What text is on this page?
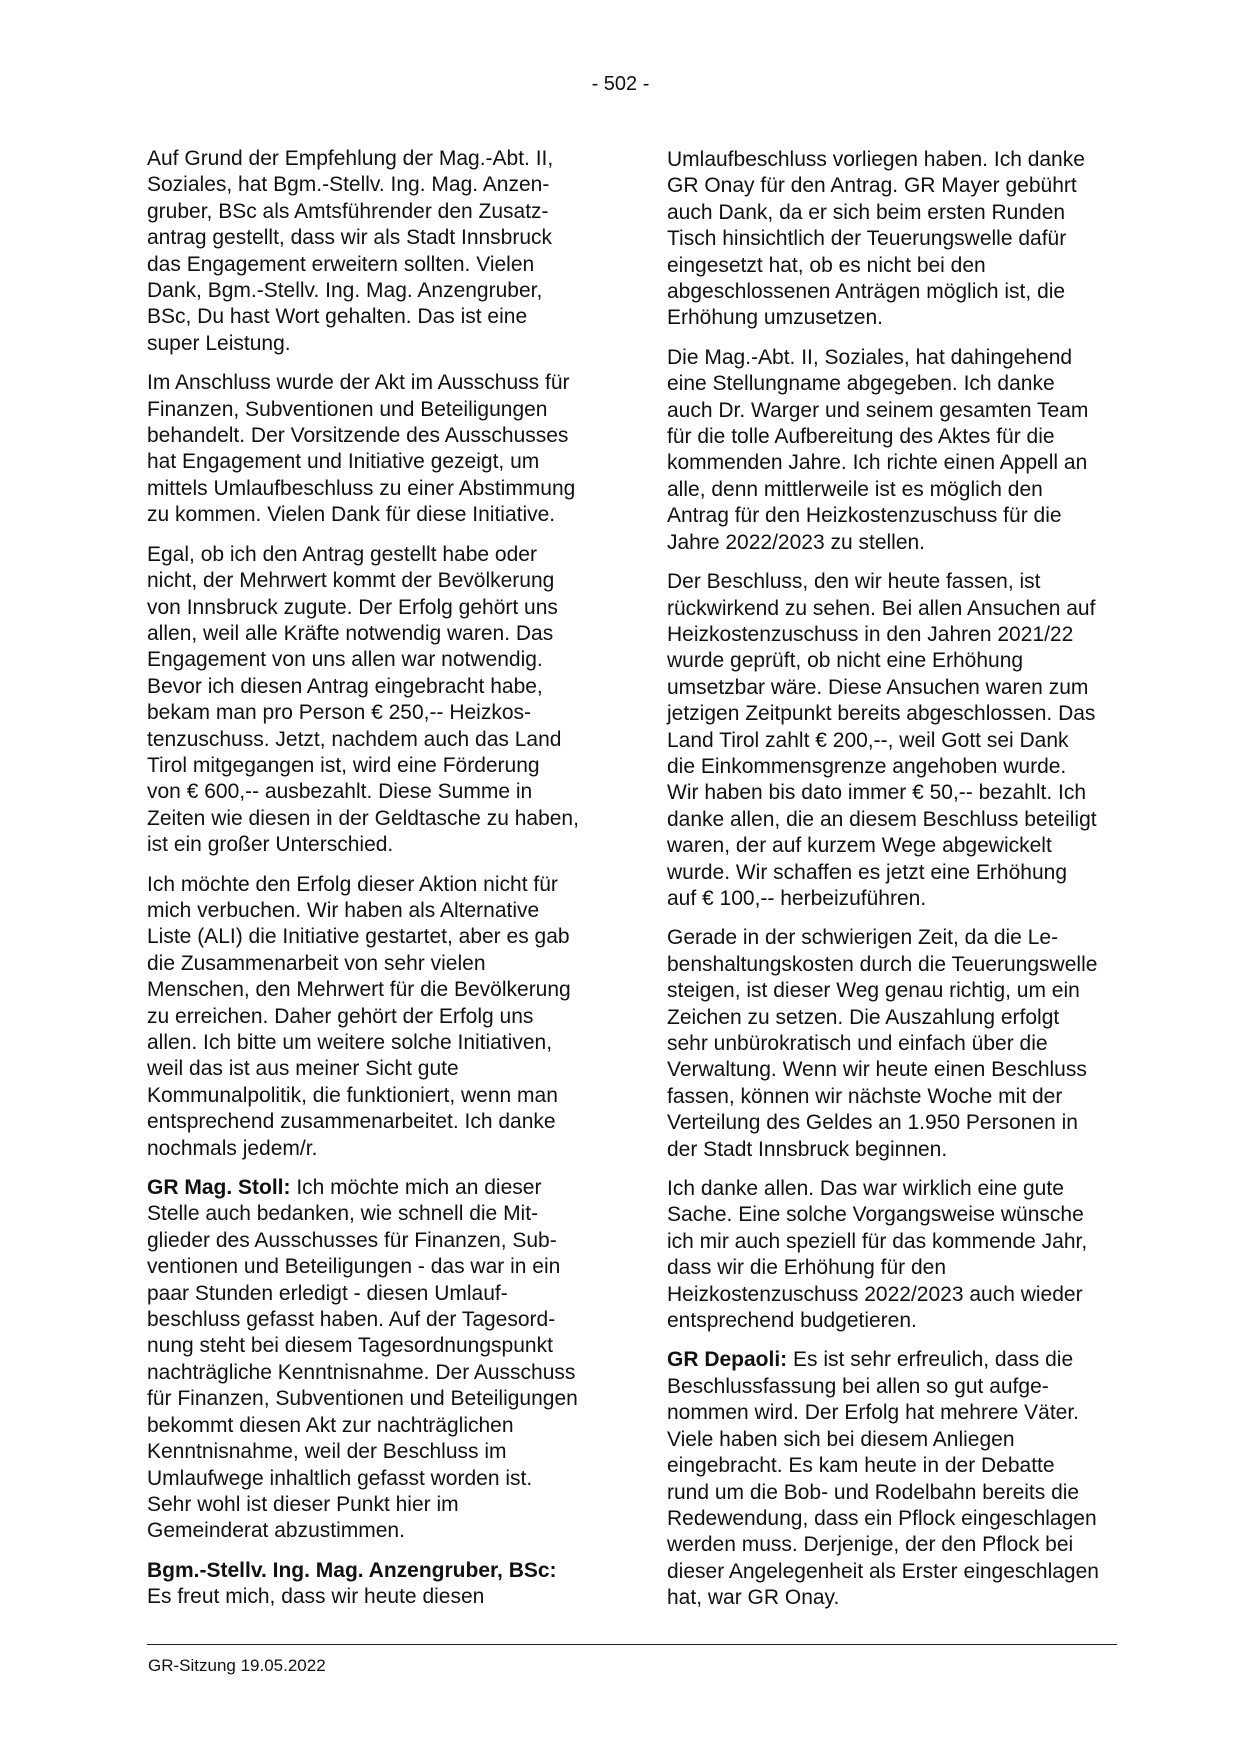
- 502 -

Auf Grund der Empfehlung der Mag.-Abt. II, Soziales, hat Bgm.-Stellv. Ing. Mag. Anzengruber, BSc als Amtsführender den Zusatzantrag gestellt, dass wir als Stadt Innsbruck das Engagement erweitern sollten. Vielen Dank, Bgm.-Stellv. Ing. Mag. Anzengruber, BSc, Du hast Wort gehalten. Das ist eine super Leistung.

Im Anschluss wurde der Akt im Ausschuss für Finanzen, Subventionen und Beteiligungen behandelt. Der Vorsitzende des Ausschusses hat Engagement und Initiative gezeigt, um mittels Umlaufbeschluss zu einer Abstimmung zu kommen. Vielen Dank für diese Initiative.

Egal, ob ich den Antrag gestellt habe oder nicht, der Mehrwert kommt der Bevölkerung von Innsbruck zugute. Der Erfolg gehört uns allen, weil alle Kräfte notwendig waren. Das Engagement von uns allen war notwendig. Bevor ich diesen Antrag eingebracht habe, bekam man pro Person € 250,-- Heizkostenzuschuss. Jetzt, nachdem auch das Land Tirol mitgegangen ist, wird eine Förderung von € 600,-- ausbezahlt. Diese Summe in Zeiten wie diesen in der Geldtasche zu haben, ist ein großer Unterschied.

Ich möchte den Erfolg dieser Aktion nicht für mich verbuchen. Wir haben als Alternative Liste (ALI) die Initiative gestartet, aber es gab die Zusammenarbeit von sehr vielen Menschen, den Mehrwert für die Bevölkerung zu erreichen. Daher gehört der Erfolg uns allen. Ich bitte um weitere solche Initiativen, weil das ist aus meiner Sicht gute Kommunalpolitik, die funktioniert, wenn man entsprechend zusammenarbeitet. Ich danke nochmals jedem/r.

GR Mag. Stoll: Ich möchte mich an dieser Stelle auch bedanken, wie schnell die Mitglieder des Ausschusses für Finanzen, Subventionen und Beteiligungen - das war in ein paar Stunden erledigt - diesen Umlaufbeschluss gefasst haben. Auf der Tagesordnung steht bei diesem Tagesordnungspunkt nachträgliche Kenntnisnahme. Der Ausschuss für Finanzen, Subventionen und Beteiligungen bekommt diesen Akt zur nachträglichen Kenntnisnahme, weil der Beschluss im Umlaufwege inhaltlich gefasst worden ist. Sehr wohl ist dieser Punkt hier im Gemeinderat abzustimmen.

Bgm.-Stellv. Ing. Mag. Anzengruber, BSc: Es freut mich, dass wir heute diesen

Umlaufbeschluss vorliegen haben. Ich danke GR Onay für den Antrag. GR Mayer gebührt auch Dank, da er sich beim ersten Runden Tisch hinsichtlich der Teuerungswelle dafür eingesetzt hat, ob es nicht bei den abgeschlossenen Anträgen möglich ist, die Erhöhung umzusetzen.

Die Mag.-Abt. II, Soziales, hat dahingehend eine Stellungname abgegeben. Ich danke auch Dr. Warger und seinem gesamten Team für die tolle Aufbereitung des Aktes für die kommenden Jahre. Ich richte einen Appell an alle, denn mittlerweile ist es möglich den Antrag für den Heizkostenzuschuss für die Jahre 2022/2023 zu stellen.

Der Beschluss, den wir heute fassen, ist rückwirkend zu sehen. Bei allen Ansuchen auf Heizkostenzuschuss in den Jahren 2021/22 wurde geprüft, ob nicht eine Erhöhung umsetzbar wäre. Diese Ansuchen waren zum jetzigen Zeitpunkt bereits abgeschlossen. Das Land Tirol zahlt € 200,--, weil Gott sei Dank die Einkommensgrenze angehoben wurde. Wir haben bis dato immer € 50,-- bezahlt. Ich danke allen, die an diesem Beschluss beteiligt waren, der auf kurzem Wege abgewickelt wurde. Wir schaffen es jetzt eine Erhöhung auf € 100,-- herbeizuführen.

Gerade in der schwierigen Zeit, da die Lebenshaltungskosten durch die Teuerungswelle steigen, ist dieser Weg genau richtig, um ein Zeichen zu setzen. Die Auszahlung erfolgt sehr unbürokratisch und einfach über die Verwaltung. Wenn wir heute einen Beschluss fassen, können wir nächste Woche mit der Verteilung des Geldes an 1.950 Personen in der Stadt Innsbruck beginnen.

Ich danke allen. Das war wirklich eine gute Sache. Eine solche Vorgangsweise wünsche ich mir auch speziell für das kommende Jahr, dass wir die Erhöhung für den Heizkostenzuschuss 2022/2023 auch wieder entsprechend budgetieren.

GR Depaoli: Es ist sehr erfreulich, dass die Beschlussfassung bei allen so gut aufgenommen wird. Der Erfolg hat mehrere Väter. Viele haben sich bei diesem Anliegen eingebracht. Es kam heute in der Debatte rund um die Bob- und Rodelbahn bereits die Redewendung, dass ein Pflock eingeschlagen werden muss. Derjenige, der den Pflock bei dieser Angelegenheit als Erster eingeschlagen hat, war GR Onay.

GR-Sitzung 19.05.2022
